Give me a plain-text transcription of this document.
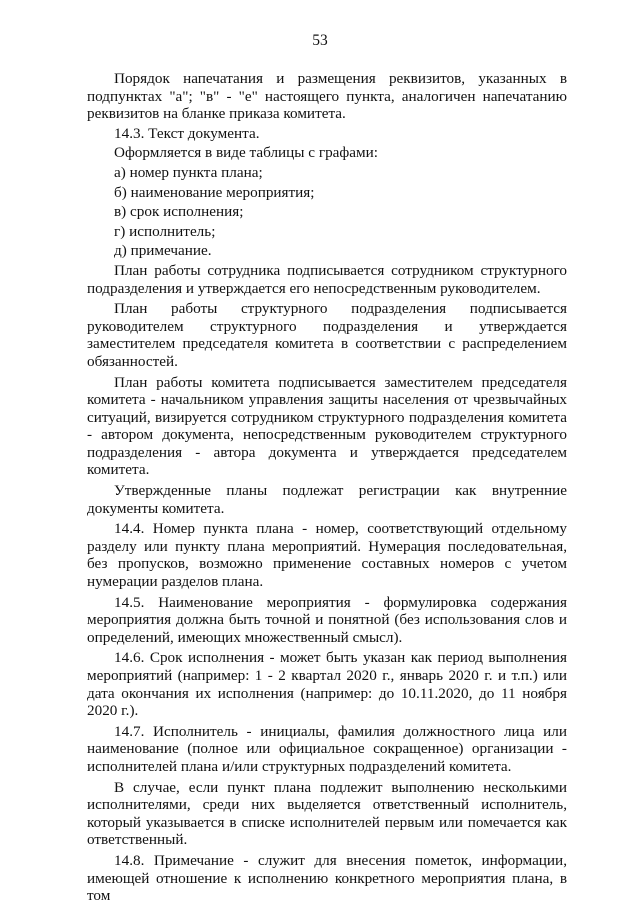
53

Порядок напечатания и размещения реквизитов, указанных в подпунктах "а"; "в" - "е" настоящего пункта, аналогичен напечатанию реквизитов на бланке приказа комитета.

14.3. Текст документа.

Оформляется в виде таблицы с графами:

а) номер пункта плана;

б) наименование мероприятия;

в) срок исполнения;

г) исполнитель;

д) примечание.

План работы сотрудника подписывается сотрудником структурного подразделения и утверждается его непосредственным руководителем.

План работы структурного подразделения подписывается руководителем структурного подразделения и утверждается заместителем председателя комитета в соответствии с распределением обязанностей.

План работы комитета подписывается заместителем председателя комитета - начальником управления защиты населения от чрезвычайных ситуаций, визируется сотрудником структурного подразделения комитета - автором документа, непосредственным руководителем структурного подразделения - автора документа и утверждается председателем комитета.

Утвержденные планы подлежат регистрации как внутренние документы комитета.

14.4. Номер пункта плана - номер, соответствующий отдельному разделу или пункту плана мероприятий. Нумерация последовательная, без пропусков, возможно применение составных номеров с учетом нумерации разделов плана.

14.5. Наименование мероприятия - формулировка содержания мероприятия должна быть точной и понятной (без использования слов и определений, имеющих множественный смысл).

14.6. Срок исполнения - может быть указан как период выполнения мероприятий (например: 1 - 2 квартал 2020 г., январь 2020 г. и т.п.) или дата окончания их исполнения (например: до 10.11.2020, до 11 ноября 2020 г.).

14.7. Исполнитель - инициалы, фамилия должностного лица или наименование (полное или официальное сокращенное) организации - исполнителей плана и/или структурных подразделений комитета.

В случае, если пункт плана подлежит выполнению несколькими исполнителями, среди них выделяется ответственный исполнитель, который указывается в списке исполнителей первым или помечается как ответственный.

14.8. Примечание - служит для внесения пометок, информации, имеющей отношение к исполнению конкретного мероприятия плана, в том
